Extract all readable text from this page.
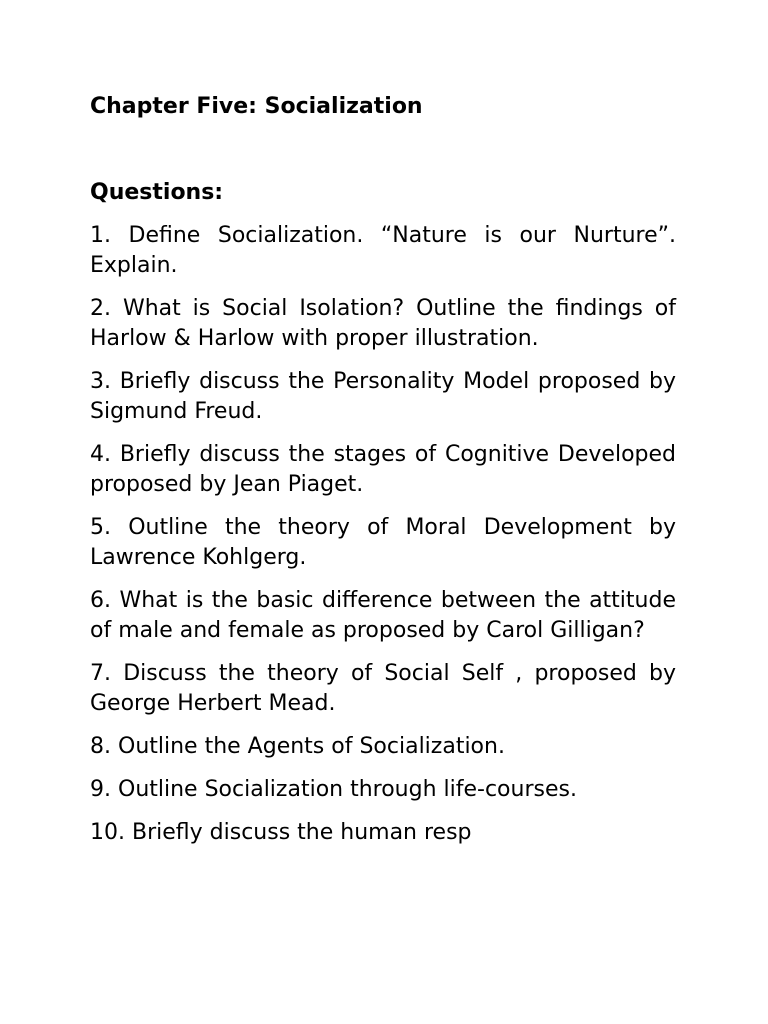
Chapter Five: Socialization
Questions:
1. Define Socialization. “Nature is our Nurture”. Explain.
2. What is Social Isolation? Outline the findings of Harlow & Harlow with proper illustration.
3. Briefly discuss the Personality Model proposed by Sigmund Freud.
4. Briefly discuss the stages of Cognitive Developed proposed by Jean Piaget.
5. Outline the theory of Moral Development by Lawrence Kohlgerg.
6. What is the basic difference between the attitude of male and female as proposed by Carol Gilligan?
7. Discuss the theory of Social Self , proposed by George Herbert Mead.
8. Outline the Agents of Socialization.
9. Outline Socialization through life-courses.
10. Briefly discuss the human resp
